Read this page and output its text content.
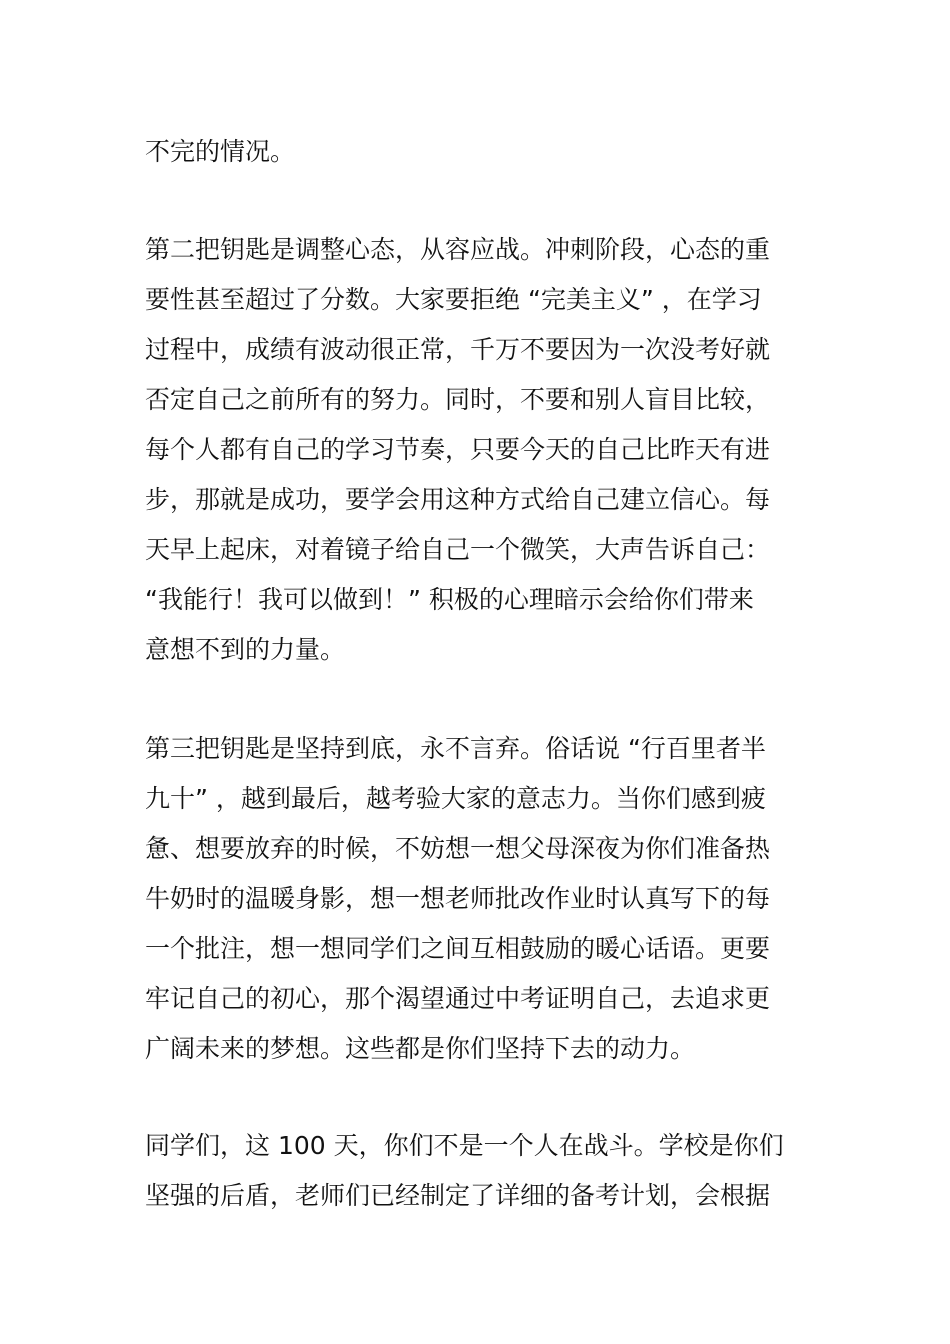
不完的情况。
第二把钥匙是调整心态，从容应战。冲刺阶段，心态的重
要性甚至超过了分数。大家要拒绝 “完美主义” ，在学习
过程中，成绩有波动很正常，千万不要因为一次没考好就
否定自己之前所有的努力。同时，不要和别人盲目比较，
每个人都有自己的学习节奏，只要今天的自己比昨天有进
步，那就是成功，要学会用这种方式给自己建立信心。每
天早上起床，对着镜子给自己一个微笑，大声告诉自己：
“我能行！我可以做到！” 积极的心理暗示会给你们带来
意想不到的力量。
第三把钥匙是坚持到底，永不言弃。俗话说 “行百里者半
九十” ，越到最后，越考验大家的意志力。当你们感到疲
惫、想要放弃的时候，不妨想一想父母深夜为你们准备热
牛奶时的温暖身影，想一想老师批改作业时认真写下的每
一个批注，想一想同学们之间互相鼓励的暖心话语。更要
牢记自己的初心，那个渴望通过中考证明自己，去追求更
广阔未来的梦想。这些都是你们坚持下去的动力。
同学们，这 100 天，你们不是一个人在战斗。学校是你们
坚强的后盾，老师们已经制定了详细的备考计划，会根据
